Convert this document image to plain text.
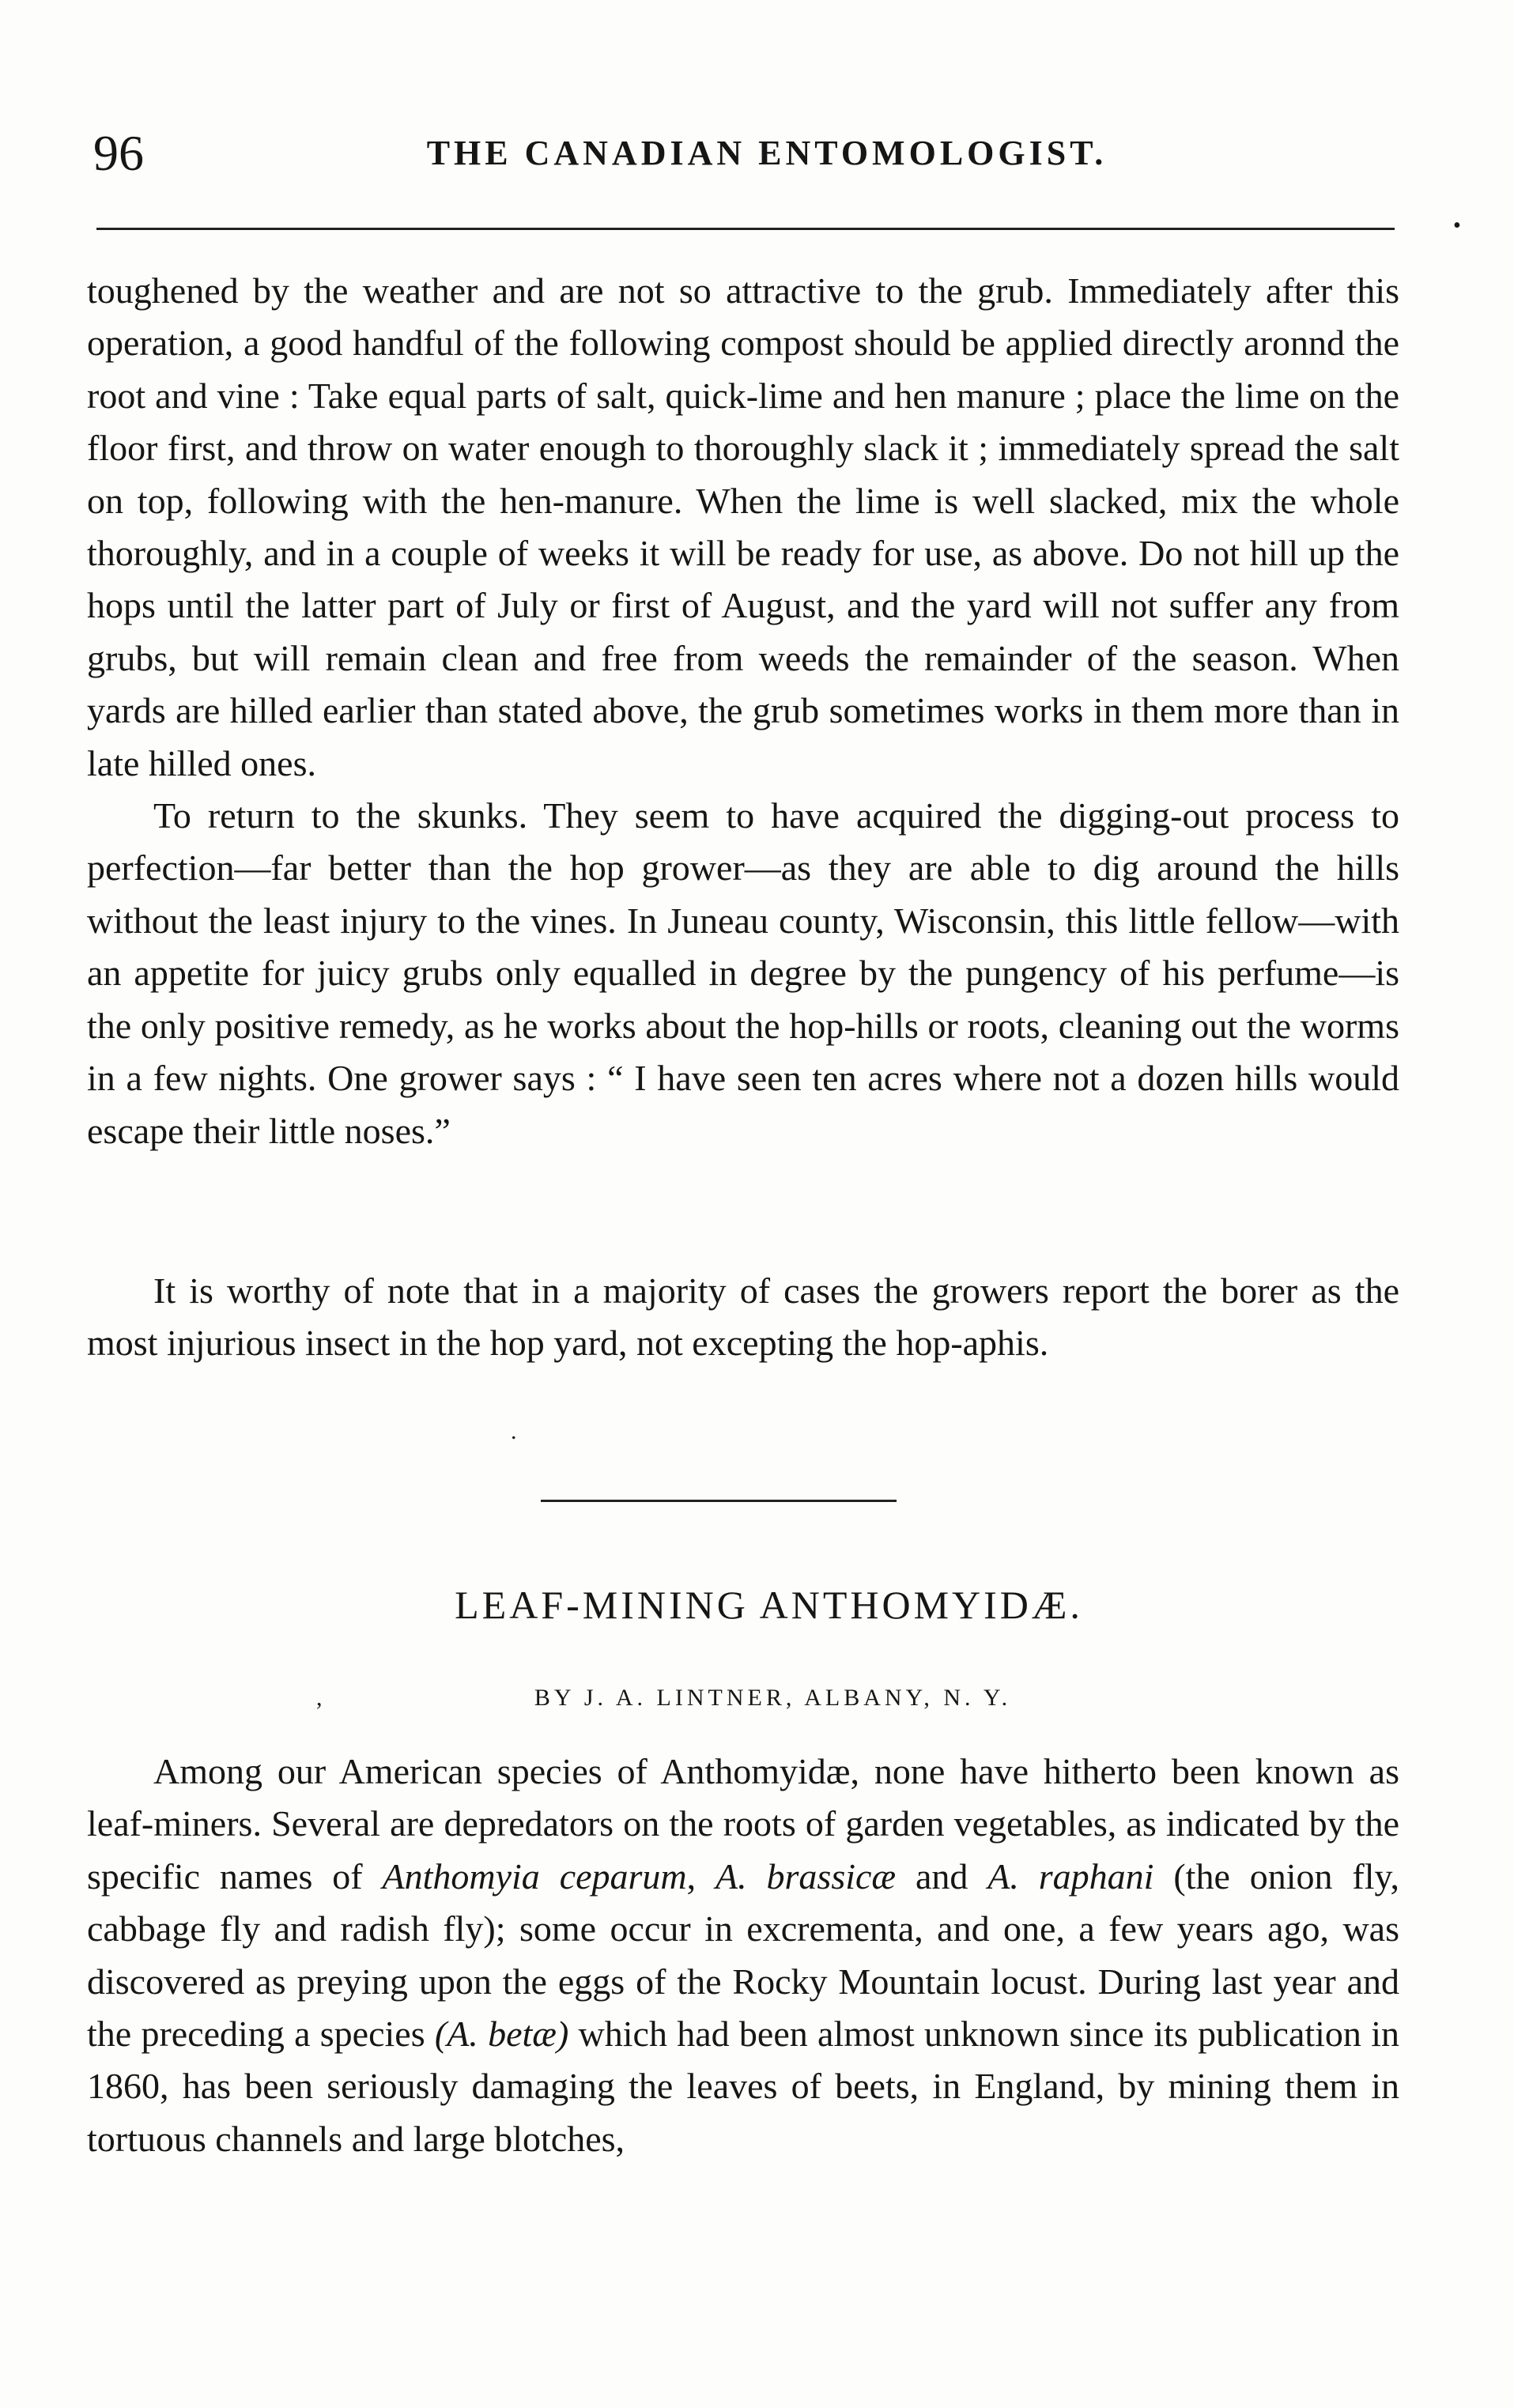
96	THE CANADIAN ENTOMOLOGIST.
•

toughened by the weather and are not so attractive to the grub. Immediately after this operation, a good handful of the following compost should be applied directly aronnd the root and vine : Take equal parts of salt, quick-lime and hen manure ; place the lime on the floor first, and throw on water enough to thoroughly slack it ; immediately spread the salt on top, following with the hen-manure. When the lime is well slacked, mix the whole thoroughly, and in a couple of weeks it will be ready for use, as above. Do not hill up the hops until the latter part of July or first of August, and the yard will not suffer any from grubs, but will remain clean and free from weeds the remainder of the season. When yards are hilled earlier than stated above, the grub sometimes works in them more than in late hilled ones.

To return to the skunks. They seem to have acquired the digging-out process to perfection—far better than the hop grower—as they are able to dig around the hills without the least injury to the vines. In Juneau county, Wisconsin, this little fellow—with an appetite for juicy grubs only equalled in degree by the pungency of his perfume—is the only positive remedy, as he works about the hop-hills or roots, cleaning out the worms in a few nights. One grower says : “ I have seen ten acres where not a dozen hills would escape their little noses.”

It is worthy of note that in a majority of cases the growers report the borer as the most injurious insect in the hop yard, not excepting the hop-aphis.

.
LEAF-MINING ANTHOMYIDÆ.
,	BY J. A. LINTNER, ALBANY, N. Y.

Among our American species of Anthomyidæ, none have hitherto been known as leaf-miners. Several are depredators on the roots of garden vegetables, as indicated by the specific names of Anthomyia ceparum, A. brassicæ and A. raphani (the onion fly, cabbage fly and radish fly); some occur in excrementa, and one, a few years ago, was discovered as preying upon the eggs of the Rocky Mountain locust. During last year and the preceding a species (A. betæ) which had been almost unknown since its publication in 1860, has been seriously damaging the leaves of beets, in England, by mining them in tortuous channels and large blotches,
